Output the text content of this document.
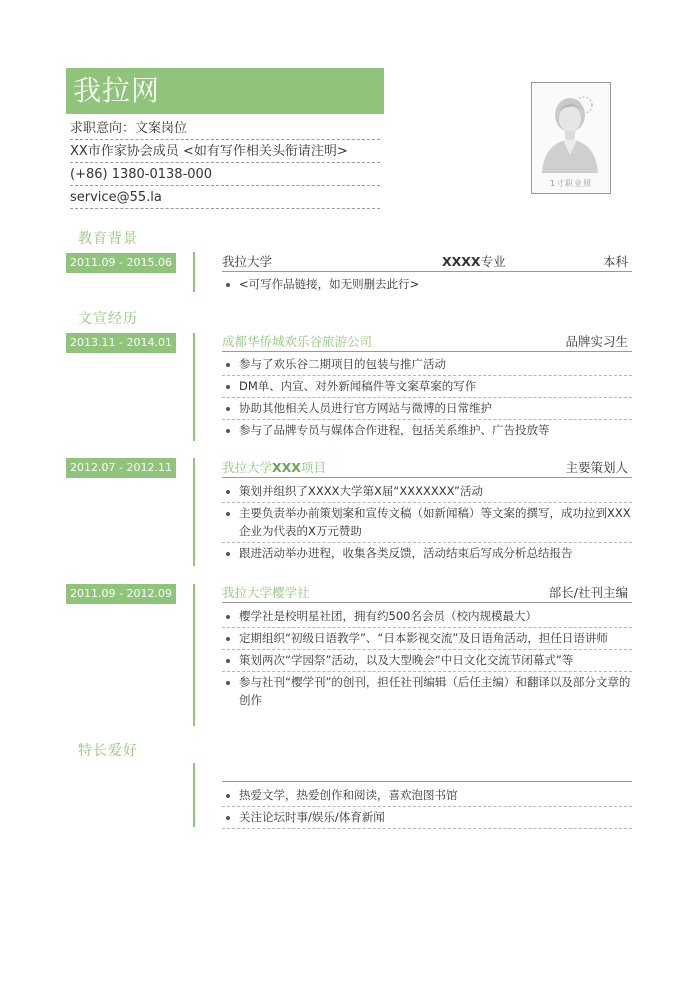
我拉网
求职意向：文案岗位
XX市作家协会成员 <如有写作相关头衔请注明>
(+86) 1380-0138-000
service@55.la
1寸职业照
教育背景
2011.09 - 2015.06	我拉大学	XXXX专业	本科

<可写作品链接，如无则删去此行>

文宣经历
2013.11 - 2014.01	成都华侨城欢乐谷旅游公司	品牌实习生

参与了欢乐谷二期项目的包装与推广活动

DM单、内宣、对外新闻稿件等文案草案的写作

协助其他相关人员进行官方网站与微博的日常维护

参与了品牌专员与媒体合作进程，包括关系维护、广告投放等

2012.07 - 2012.11	我拉大学XXX项目	主要策划人

策划并组织了XXXX大学第X届“XXXXXXX”活动

主要负责举办前策划案和宣传文稿（如新闻稿）等文案的撰写，成功拉到XXX企业为代表的X万元赞助

跟进活动举办进程，收集各类反馈，活动结束后写成分析总结报告

2011.09 - 2012.09	我拉大学樱学社	部长/社刊主编

樱学社是校明星社团，拥有约500名会员（校内规模最大）

定期组织“初级日语教学”、“日本影视交流”及日语角活动，担任日语讲师

策划两次“学园祭”活动，以及大型晚会“中日文化交流节闭幕式”等

参与社刊“樱学刊”的创刊，担任社刊编辑（后任主编）和翻译以及部分文章的创作

特长爱好

热爱文学，热爱创作和阅读，喜欢泡图书馆

关注论坛时事/娱乐/体育新闻
